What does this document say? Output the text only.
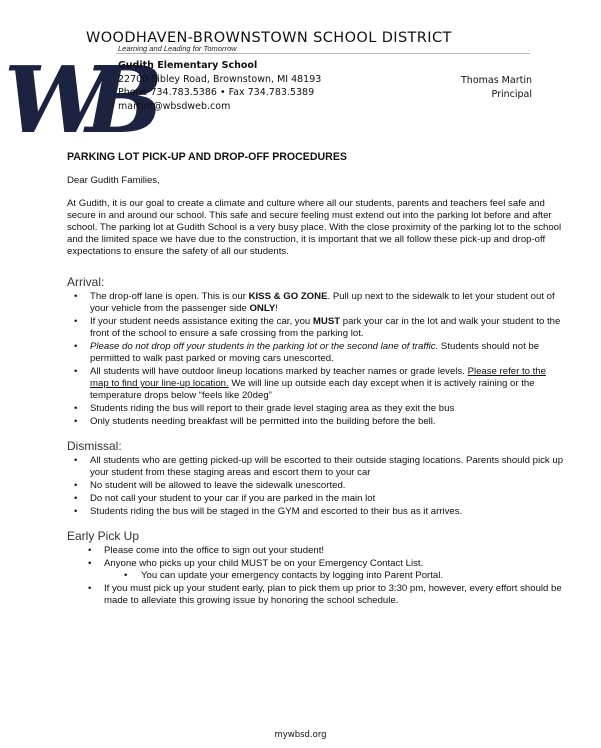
WB
WOODHAVEN-BROWNSTOWN SCHOOL DISTRICT
Learning and Leading for Tomorrow
Gudith Elementary School
22700 Sibley Road, Brownstown, MI 48193
Phone 734.783.5386 • Fax 734.783.5389
martint@wbsdweb.com
Thomas Martin
Principal
PARKING LOT PICK-UP AND DROP-OFF PROCEDURES
Dear Gudith Families,
At Gudith, it is our goal to create a climate and culture where all our students, parents and teachers feel safe and secure in and around our school. This safe and secure feeling must extend out into the parking lot before and after school. The parking lot at Gudith School is a very busy place. With the close proximity of the parking lot to the school and the limited space we have due to the construction, it is important that we all follow these pick-up and drop-off expectations to ensure the safety of all our students.
Arrival:
• The drop-off lane is open. This is our KISS & GO ZONE. Pull up next to the sidewalk to let your student out of your vehicle from the passenger side ONLY!
• If your student needs assistance exiting the car, you MUST park your car in the lot and walk your student to the front of the school to ensure a safe crossing from the parking lot.
• Please do not drop off your students in the parking lot or the second lane of traffic. Students should not be permitted to walk past parked or moving cars unescorted.
• All students will have outdoor lineup locations marked by teacher names or grade levels. Please refer to the map to find your line-up location. We will line up outside each day except when it is actively raining or the temperature drops below “feels like 20deg”
• Students riding the bus will report to their grade level staging area as they exit the bus
• Only students needing breakfast will be permitted into the building before the bell.
Dismissal:
• All students who are getting picked-up will be escorted to their outside staging locations. Parents should pick up your student from these staging areas and escort them to your car
• No student will be allowed to leave the sidewalk unescorted.
• Do not call your student to your car if you are parked in the main lot
• Students riding the bus will be staged in the GYM and escorted to their bus as it arrives.
Early Pick Up
• Please come into the office to sign out your student!
• Anyone who picks up your child MUST be on your Emergency Contact List.
• You can update your emergency contacts by logging into Parent Portal.
• If you must pick up your student early, plan to pick them up prior to 3:30 pm, however, every effort should be made to alleviate this growing issue by honoring the school schedule.
mywbsd.org
